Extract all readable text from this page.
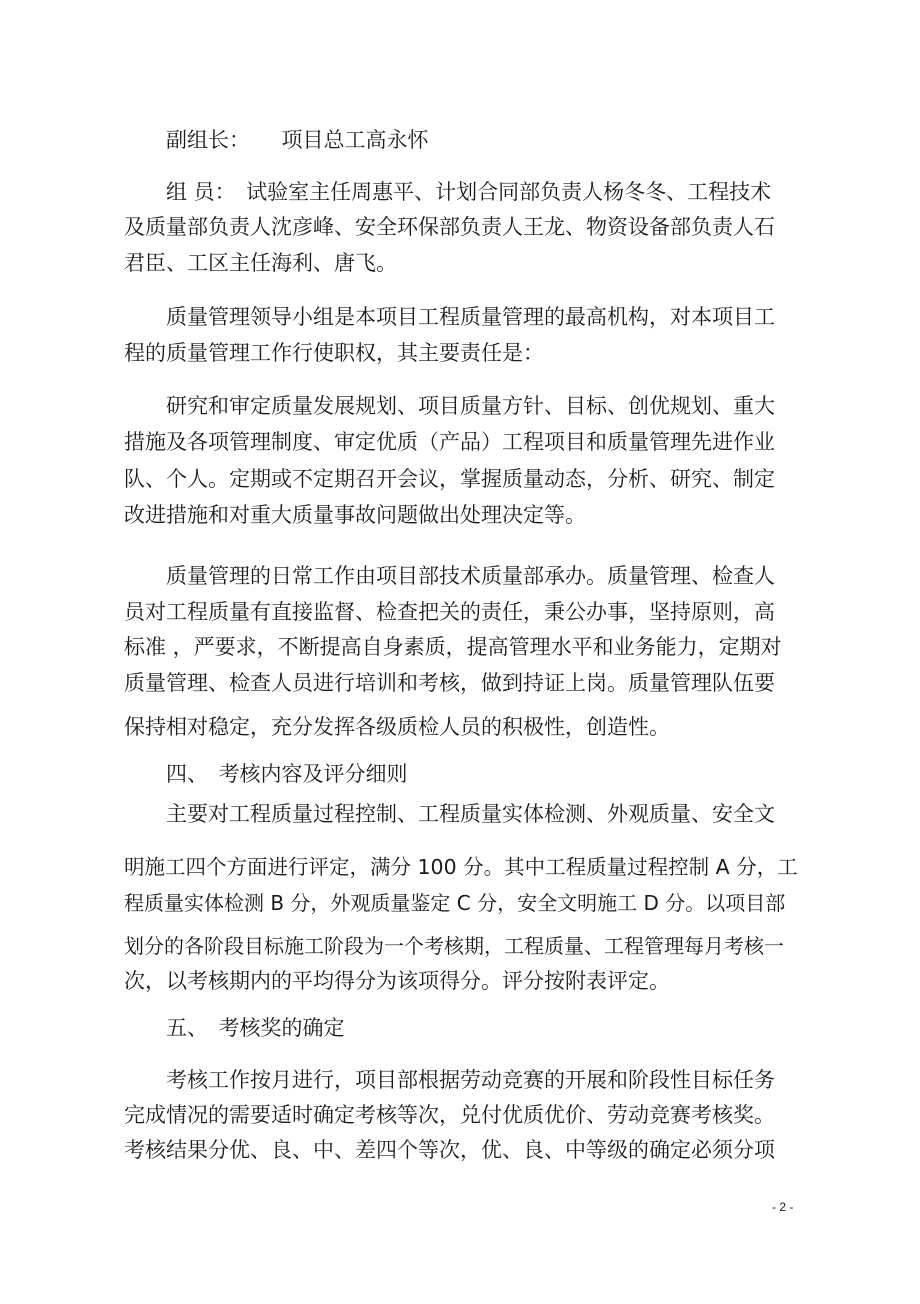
副组长：　　项目总工高永怀
组 员：　试验室主任周惠平、计划合同部负责人杨冬冬、工程技术
及质量部负责人沈彦峰、安全环保部负责人王龙、物资设备部负责人石
君臣、工区主任海利、唐飞。
质量管理领导小组是本项目工程质量管理的最高机构，对本项目工
程的质量管理工作行使职权，其主要责任是：
研究和审定质量发展规划、项目质量方针、目标、创优规划、重大
措施及各项管理制度、审定优质（产品）工程项目和质量管理先进作业
队、个人。定期或不定期召开会议，掌握质量动态，分析、研究、制定
改进措施和对重大质量事故问题做出处理决定等。
质量管理的日常工作由项目部技术质量部承办。质量管理、检查人
员对工程质量有直接监督、检查把关的责任，秉公办事，坚持原则，高
标准 ，严要求，不断提高自身素质，提高管理水平和业务能力，定期对
质量管理、检查人员进行培训和考核，做到持证上岗。质量管理队伍要
保持相对稳定，充分发挥各级质检人员的积极性，创造性。
四、　考核内容及评分细则
主要对工程质量过程控制、工程质量实体检测、外观质量、安全文
明施工四个方面进行评定，满分 100 分。其中工程质量过程控制 A 分，工
程质量实体检测 B 分，外观质量鉴定 C 分，安全文明施工 D 分。以项目部
划分的各阶段目标施工阶段为一个考核期，工程质量、工程管理每月考核一
次，以考核期内的平均得分为该项得分。评分按附表评定。
五、　考核奖的确定
考核工作按月进行，项目部根据劳动竞赛的开展和阶段性目标任务
完成情况的需要适时确定考核等次，兑付优质优价、劳动竞赛考核奖。
考核结果分优、良、中、差四个等次，优、良、中等级的确定必须分项
- 2 -
